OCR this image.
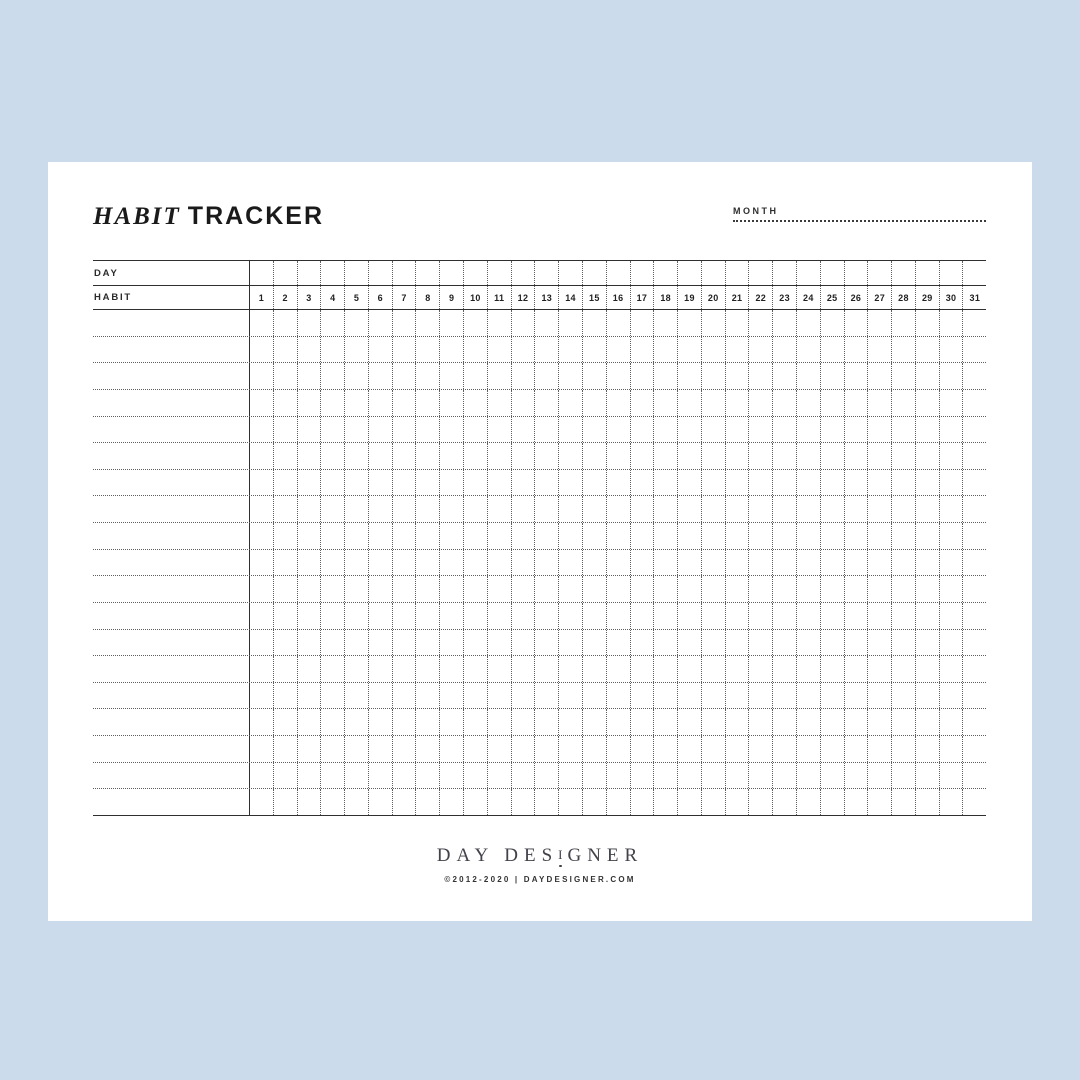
HABIT TRACKER	MONTH
DAY
HABIT	1	2	3	4	5	6	7	8	9	10	11	12	13	14	15	16	17	18	19	20	21	22	23	24	25	26	27	28	29	30	31
DAY DESI GNER
©2012-2020 | DAYDESIGNER.COM
